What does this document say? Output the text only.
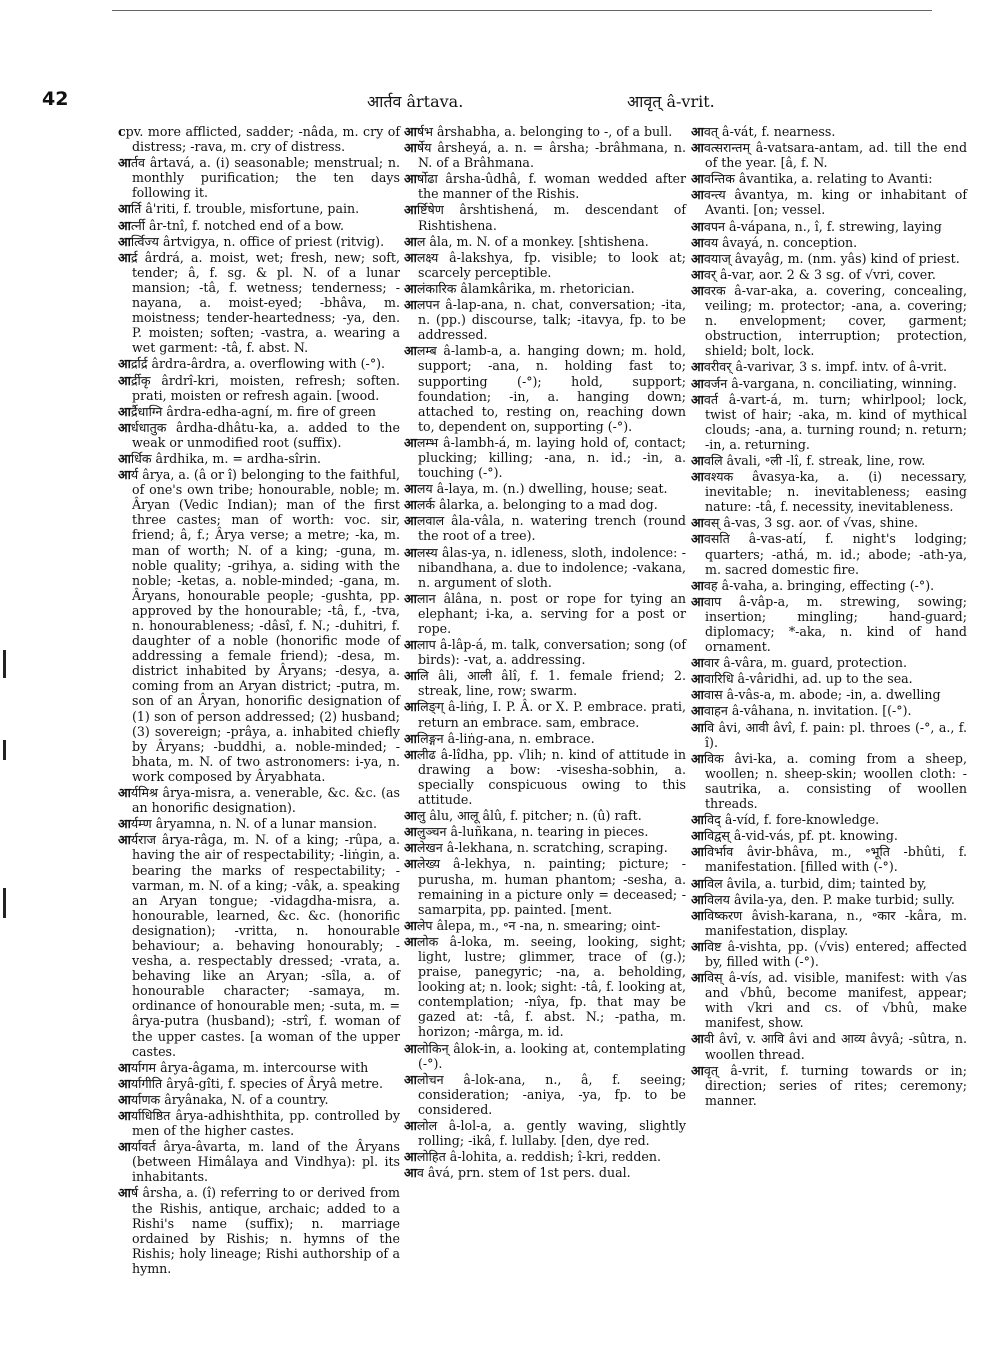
42	आर्तव ârtava.	आवृत् â-vrit.

cpv. more afflicted, sadder; -nâda, m. cry of distress; -rava, m. cry of distress.

आर्तव ârtavá, a. (i) seasonable; menstrual; n. monthly purification; the ten days following it.

आर्ति â'riti, f. trouble, misfortune, pain.

आर्त्नी âr-tnî, f. notched end of a bow.

आर्त्विज्य ârtvigya, n. office of priest (ritvig).

आर्द्र ârdrá, a. moist, wet; fresh, new; soft, tender; â, f. sg. & pl. N. of a lunar mansion; -tâ, f. wetness; tenderness; -nayana, a. moist-eyed; -bhâva, m. moistness; tender-heartedness; -ya, den. P. moisten; soften; -vastra, a. wearing a wet garment: -tâ, f. abst. N.

आर्द्रार्द्र ârdra-ârdra, a. overflowing with (-°).

आर्द्रीकृ ârdrî-kri, moisten, refresh; soften. prati, moisten or refresh again. [wood.

आर्द्रैधाग्नि ârdra-edha-agní, m. fire of green

आर्धधातुक ârdha-dhâtu-ka, a. added to the weak or unmodified root (suffix).

आर्धिक ârdhika, m. = ardha-sîrin.

आर्य ârya, a. (â or î) belonging to the faithful, of one's own tribe; honourable, noble; m. Âryan (Vedic Indian); man of the first three castes; man of worth: voc. sir, friend; â, f.; Ârya verse; a metre; -ka, m. man of worth; N. of a king; -guna, m. noble quality; -grihya, a. siding with the noble; -ketas, a. noble-minded; -gana, m. Âryans, honourable people; -gushta, pp. approved by the honourable; -tâ, f., -tva, n. honourableness; -dâsî, f. N.; -duhitri, f. daughter of a noble (honorific mode of addressing a female friend); -desa, m. district inhabited by Âryans; -desya, a. coming from an Aryan district; -putra, m. son of an Âryan, honorific designation of (1) son of person addressed; (2) husband; (3) sovereign; -prâya, a. inhabited chiefly by Âryans; -buddhi, a. noble-minded; -bhata, m. N. of two astronomers: i-ya, n. work composed by Âryabhata.

आर्यमिश्र ârya-misra, a. venerable, &c. &c. (as an honorific designation).

आर्यम्ण âryamna, n. N. of a lunar mansion.

आर्यराज ârya-râga, m. N. of a king; -rûpa, a. having the air of respectability; -liṅgin, a. bearing the marks of respectability; -varman, m. N. of a king; -vâk, a. speaking an Aryan tongue; -vidagdha-misra, a. honourable, learned, &c. &c. (honorific designation); -vritta, n. honourable behaviour; a. behaving honourably; -vesha, a. respectably dressed; -vrata, a. behaving like an Aryan; -sîla, a. of honourable character; -samaya, m. ordinance of honourable men; -suta, m. = ârya-putra (husband); -strî, f. woman of the upper castes. [a woman of the upper castes.

आर्यागम ârya-âgama, m. intercourse with

आर्यागीति âryâ-gîti, f. species of Âryâ metre.

आर्याणक âryânaka, N. of a country.

आर्याधिष्ठित ârya-adhishthita, pp. controlled by men of the higher castes.

आर्यावर्त ârya-âvarta, m. land of the Âryans (between Himâlaya and Vindhya): pl. its inhabitants.

आर्ष ârsha, a. (î) referring to or derived from the Rishis, antique, archaic; added to a Rishi's name (suffix); n. marriage ordained by Rishis; n. hymns of the Rishis; holy lineage; Rishi authorship of a hymn.

आर्षभ ârshabha, a. belonging to -, of a bull.

आर्षेय ârsheyá, a. n. = ârsha; -brâhmana, n. N. of a Brâhmana.

आर्षोढा ârsha-ûdhâ, f. woman wedded after the manner of the Rishis.

आर्ष्टिषेण ârshtishená, m. descendant of Rishtishena.

आल âla, m. N. of a monkey. [shtishena.

आलक्ष्य â-lakshya, fp. visible; to look at; scarcely perceptible.

आलंकारिक âlamkârika, m. rhetorician.

आलपन â-lap-ana, n. chat, conversation; -ita, n. (pp.) discourse, talk; -itavya, fp. to be addressed.

आलम्ब â-lamb-a, a. hanging down; m. hold, support; -ana, n. holding fast to; supporting (-°); hold, support; foundation; -in, a. hanging down; attached to, resting on, reaching down to, dependent on, supporting (-°).

आलम्भ â-lambh-á, m. laying hold of, contact; plucking; killing; -ana, n. id.; -in, a. touching (-°).

आलय â-laya, m. (n.) dwelling, house; seat.

आलर्क âlarka, a. belonging to a mad dog.

आलवाल âla-vâla, n. watering trench (round the root of a tree).

आलस्य âlas-ya, n. idleness, sloth, indolence: -nibandhana, a. due to indolence; -vakana, n. argument of sloth.

आलान âlâna, n. post or rope for tying an elephant; i-ka, a. serving for a post or rope.

आलाप â-lâp-á, m. talk, conversation; song (of birds): -vat, a. addressing.

आलि âli, आली âlî, f. 1. female friend; 2. streak, line, row; swarm.

आलिङ्ग् â-liṅg, I. P. Â. or X. P. embrace. prati, return an embrace. sam, embrace.

आलिङ्गन â-liṅg-ana, n. embrace.

आलीढ â-lîdha, pp. √lih; n. kind of attitude in drawing a bow: -visesha-sobhin, a. specially conspicuous owing to this attitude.

आलु âlu, आलू âlû, f. pitcher; n. (û) raft.

आलुञ्चन â-luñkana, n. tearing in pieces.

आलेखन â-lekhana, n. scratching, scraping.

आलेख्य â-lekhya, n. painting; picture; -purusha, m. human phantom; -sesha, a. remaining in a picture only = deceased; -samarpita, pp. painted. [ment.

आलेप âlepa, m., ॰न -na, n. smearing; oint-

आलोक â-loka, m. seeing, looking, sight; light, lustre; glimmer, trace of (g.); praise, panegyric; -na, a. beholding, looking at; n. look; sight: -tâ, f. looking at, contemplation; -nîya, fp. that may be gazed at: -tâ, f. abst. N.; -patha, m. horizon; -mârga, m. id.

आलोकिन् âlok-in, a. looking at, contemplating (-°).

आलोचन â-lok-ana, n., â, f. seeing; consideration; -aniya, -ya, fp. to be considered.

आलोल â-lol-a, a. gently waving, slightly rolling; -ikâ, f. lullaby. [den, dye red.

आलोहित â-lohita, a. reddish; î-kri, redden.

आव âvá, prn. stem of 1st pers. dual.

आवत् â-vát, f. nearness.

आवत्सरान्तम् â-vatsara-antam, ad. till the end of the year. [â, f. N.

आवन्तिक âvantika, a. relating to Avanti:

आवन्त्य âvantya, m. king or inhabitant of Avanti. [on; vessel.

आवपन â-vápana, n., î, f. strewing, laying

आवय âvayá, n. conception.

आवयाज् âvayâg, m. (nm. yâs) kind of priest.

आवर् â-var, aor. 2 & 3 sg. of √vri, cover.

आवरक â-var-aka, a. covering, concealing, veiling; m. protector; -ana, a. covering; n. envelopment; cover, garment; obstruction, interruption; protection, shield; bolt, lock.

आवरीवर् â-varivar, 3 s. impf. intv. of â-vrit.

आवर्जन â-vargana, n. conciliating, winning.

आवर्त â-vart-á, m. turn; whirlpool; lock, twist of hair; -aka, m. kind of mythical clouds; -ana, a. turning round; n. return; -in, a. returning.

आवलि âvali, ॰ली -lî, f. streak, line, row.

आवश्यक âvasya-ka, a. (i) necessary, inevitable; n. inevitableness; easing nature: -tâ, f. necessity, inevitableness.

आवस् â-vas, 3 sg. aor. of √vas, shine.

आवसति â-vas-atí, f. night's lodging; quarters; -athá, m. id.; abode; -ath-ya, m. sacred domestic fire.

आवह â-vaha, a. bringing, effecting (-°).

आवाप â-vâp-a, m. strewing, sowing; insertion; mingling; hand-guard; diplomacy; *-aka, n. kind of hand ornament.

आवार â-vâra, m. guard, protection.

आवारिधि â-vâridhi, ad. up to the sea.

आवास â-vâs-a, m. abode; -in, a. dwelling

आवाहन â-vâhana, n. invitation. [(-°).

आवि âvi, आवी âvî, f. pain: pl. throes (-°, a., f. î).

आविक âvi-ka, a. coming from a sheep, woollen; n. sheep-skin; woollen cloth: -sautrika, a. consisting of woollen threads.

आविद् â-víd, f. fore-knowledge.

आविद्वस् â-vid-vás, pf. pt. knowing.

आविर्भाव âvir-bhâva, m., ॰भूति -bhûti, f. manifestation. [filled with (-°).

आविल âvila, a. turbid, dim; tainted by,

आविलय âvila-ya, den. P. make turbid; sully.

आविष्करण âvish-karana, n., ॰कार -kâra, m. manifestation, display.

आविष्ट â-vishta, pp. (√vis) entered; affected by, filled with (-°).

आविस् â-vís, ad. visible, manifest: with √as and √bhû, become manifest, appear; with √kri and cs. of √bhû, make manifest, show.

आवी âvî, v. आवि âvi and आव्य âvyâ; -sûtra, n. woollen thread.

आवृत् â-vrit, f. turning towards or in; direction; series of rites; ceremony; manner.
